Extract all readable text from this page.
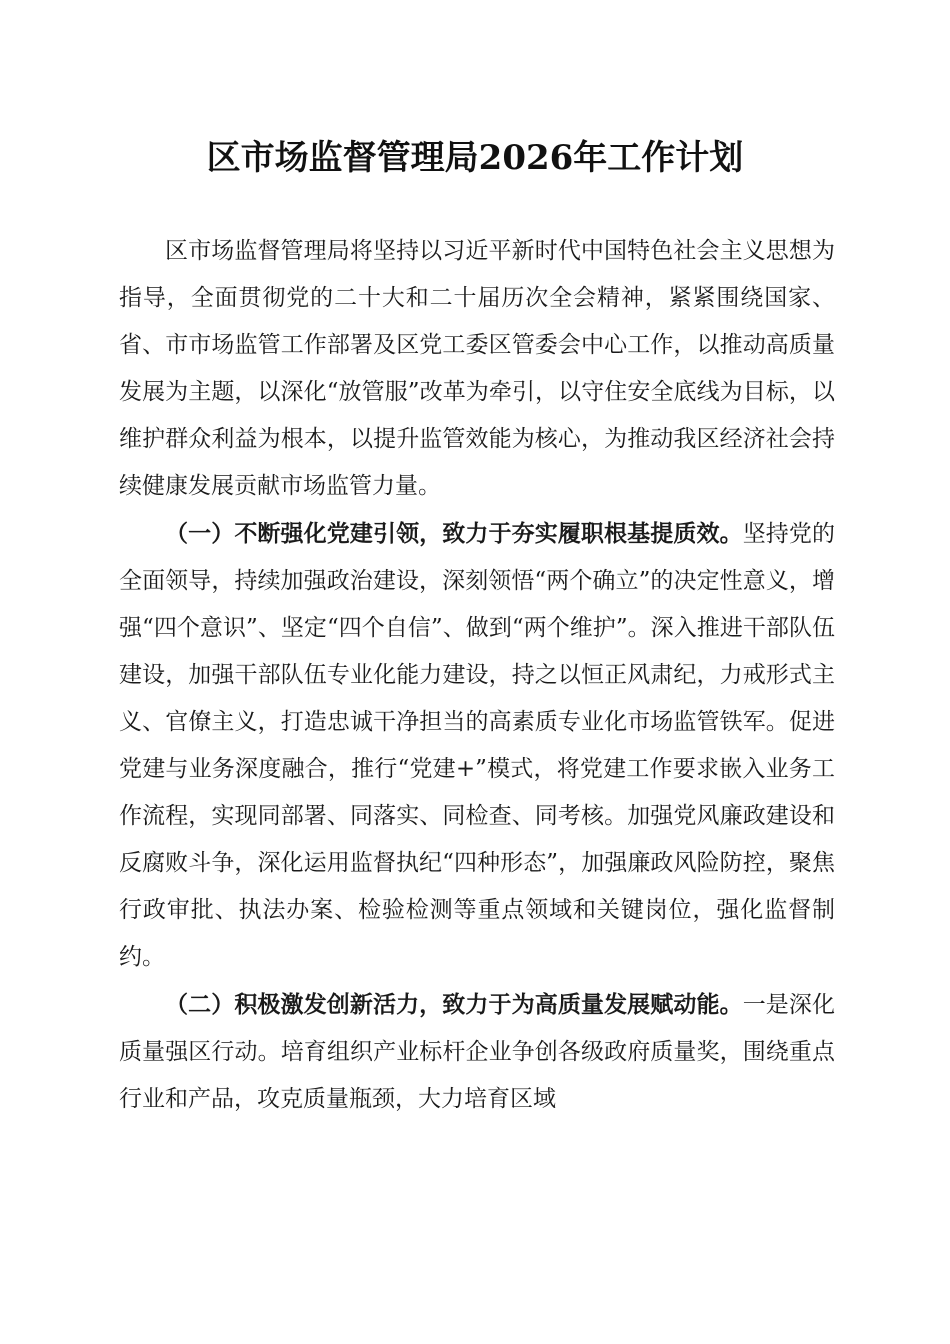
区市场监督管理局2026年工作计划

区市场监督管理局将坚持以习近平新时代中国特色社会主义思想为指导，全面贯彻党的二十大和二十届历次全会精神，紧紧围绕国家、省、市市场监管工作部署及区党工委区管委会中心工作，以推动高质量发展为主题，以深化“放管服”改革为牵引，以守住安全底线为目标，以维护群众利益为根本，以提升监管效能为核心，为推动我区经济社会持续健康发展贡献市场监管力量。

（一）不断强化党建引领，致力于夯实履职根基提质效。坚持党的全面领导，持续加强政治建设，深刻领悟“两个确立”的决定性意义，增强“四个意识”、坚定“四个自信”、做到“两个维护”。深入推进干部队伍建设，加强干部队伍专业化能力建设，持之以恒正风肃纪，力戒形式主义、官僚主义，打造忠诚干净担当的高素质专业化市场监管铁军。促进党建与业务深度融合，推行“党建+”模式，将党建工作要求嵌入业务工作流程，实现同部署、同落实、同检查、同考核。加强党风廉政建设和反腐败斗争，深化运用监督执纪“四种形态”，加强廉政风险防控，聚焦行政审批、执法办案、检验检测等重点领域和关键岗位，强化监督制约。

（二）积极激发创新活力，致力于为高质量发展赋动能。一是深化质量强区行动。培育组织产业标杆企业争创各级政府质量奖，围绕重点行业和产品，攻克质量瓶颈，大力培育区域
